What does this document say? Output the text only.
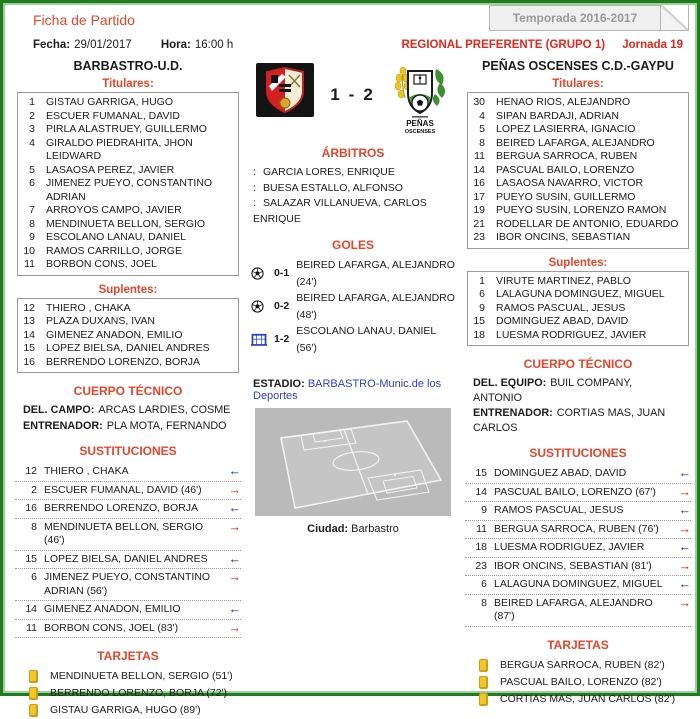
Ficha de Partido	Temporada 2016-2017
Fecha: 29/01/2017	Hora: 16:00 h	REGIONAL PREFERENTE (GRUPO 1) Jornada 19
BARBASTRO-U.D.
Titulares:
1	GISTAU GARRIGA, HUGO
2	ESCUER FUMANAL, DAVID
3	PIRLA ALASTRUEY, GUILLERMO
4	GIRALDO PIEDRAHITA, JHON LEIDWARD
5	LASAOSA PEREZ, JAVIER
6	JIMENEZ PUEYO, CONSTANTINO ADRIAN
7	ARROYOS CAMPO, JAVIER
8	MENDINUETA BELLON, SERGIO
9	ESCOLANO LANAU, DANIEL
10	RAMOS CARRILLO, JORGE
11	BORBON CONS, JOEL
Suplentes:
12	THIERO , CHAKA
13	PLAZA DUXANS, IVAN
14	GIMENEZ ANADON, EMILIO
15	LOPEZ BIELSA, DANIEL ANDRES
16	BERRENDO LORENZO, BORJA
CUERPO TÉCNICO
DEL. CAMPO: ARCAS LARDIES, COSME
ENTRENADOR: PLA MOTA, FERNANDO
SUSTITUCIONES
12 THIERO , CHAKA
←
2 ESCUER FUMANAL, DAVID (46')
→
16 BERRENDO LORENZO, BORJA
←
8 MENDINUETA BELLON, SERGIO (46')
→
15 LOPEZ BIELSA, DANIEL ANDRES
←
6 JIMENEZ PUEYO, CONSTANTINO ADRIAN (56')
→
14 GIMENEZ ANADON, EMILIO
←
11 BORBON CONS, JOEL (83')
→
TARJETAS
MENDINUETA BELLON, SERGIO (51')
BERRENDO LORENZO, BORJA (72')
GISTAU GARRIGA, HUGO (89')
1 - 2
PEÑAS
OSCENSES
ÁRBITROS
: GARCIA LORES, ENRIQUE
: BUESA ESTALLO, ALFONSO
: SALAZAR VILLANUEVA, CARLOS ENRIQUE
GOLES
0-1
BEIRED LAFARGA, ALEJANDRO (24')
0-2
BEIRED LAFARGA, ALEJANDRO (48')
1-2
ESCOLANO LANAU, DANIEL (56')
ESTADIO: BARBASTRO-Munic.de los Deportes
Ciudad: Barbastro
PEÑAS OSCENSES C.D.-GAYPU
Titulares:
30	HENAO RIOS, ALEJANDRO
4	SIPAN BARDAJI, ADRIAN
5	LOPEZ LASIERRA, IGNACIO
8	BEIRED LAFARGA, ALEJANDRO
11	BERGUA SARROCA, RUBEN
14	PASCUAL BAILO, LORENZO
16	LASAOSA NAVARRO, VICTOR
17	PUEYO SUSIN, GUILLERMO
19	PUEYO SUSIN, LORENZO RAMON
21	RODELLAR DE ANTONIO, EDUARDO
23	IBOR ONCINS, SEBASTIAN
Suplentes:
1	VIRUTE MARTINEZ, PABLO
6	LALAGUNA DOMINGUEZ, MIGUEL
9	RAMOS PASCUAL, JESUS
15	DOMINGUEZ ABAD, DAVID
18	LUESMA RODRIGUEZ, JAVIER
CUERPO TÉCNICO
DEL. EQUIPO: BUIL COMPANY, ANTONIO
ENTRENADOR: CORTIAS MAS, JUAN CARLOS
SUSTITUCIONES
15 DOMINGUEZ ABAD, DAVID
←
14 PASCUAL BAILO, LORENZO (67')
→
9 RAMOS PASCUAL, JESUS
←
11 BERGUA SARROCA, RUBEN (76')
→
18 LUESMA RODRIGUEZ, JAVIER
←
23 IBOR ONCINS, SEBASTIAN (81')
→
6 LALAGUNA DOMINGUEZ, MIGUEL
←
8 BEIRED LAFARGA, ALEJANDRO (87')
→
TARJETAS
BERGUA SARROCA, RUBEN (82')
PASCUAL BAILO, LORENZO (82')
CORTIAS MAS, JUAN CARLOS (82')
